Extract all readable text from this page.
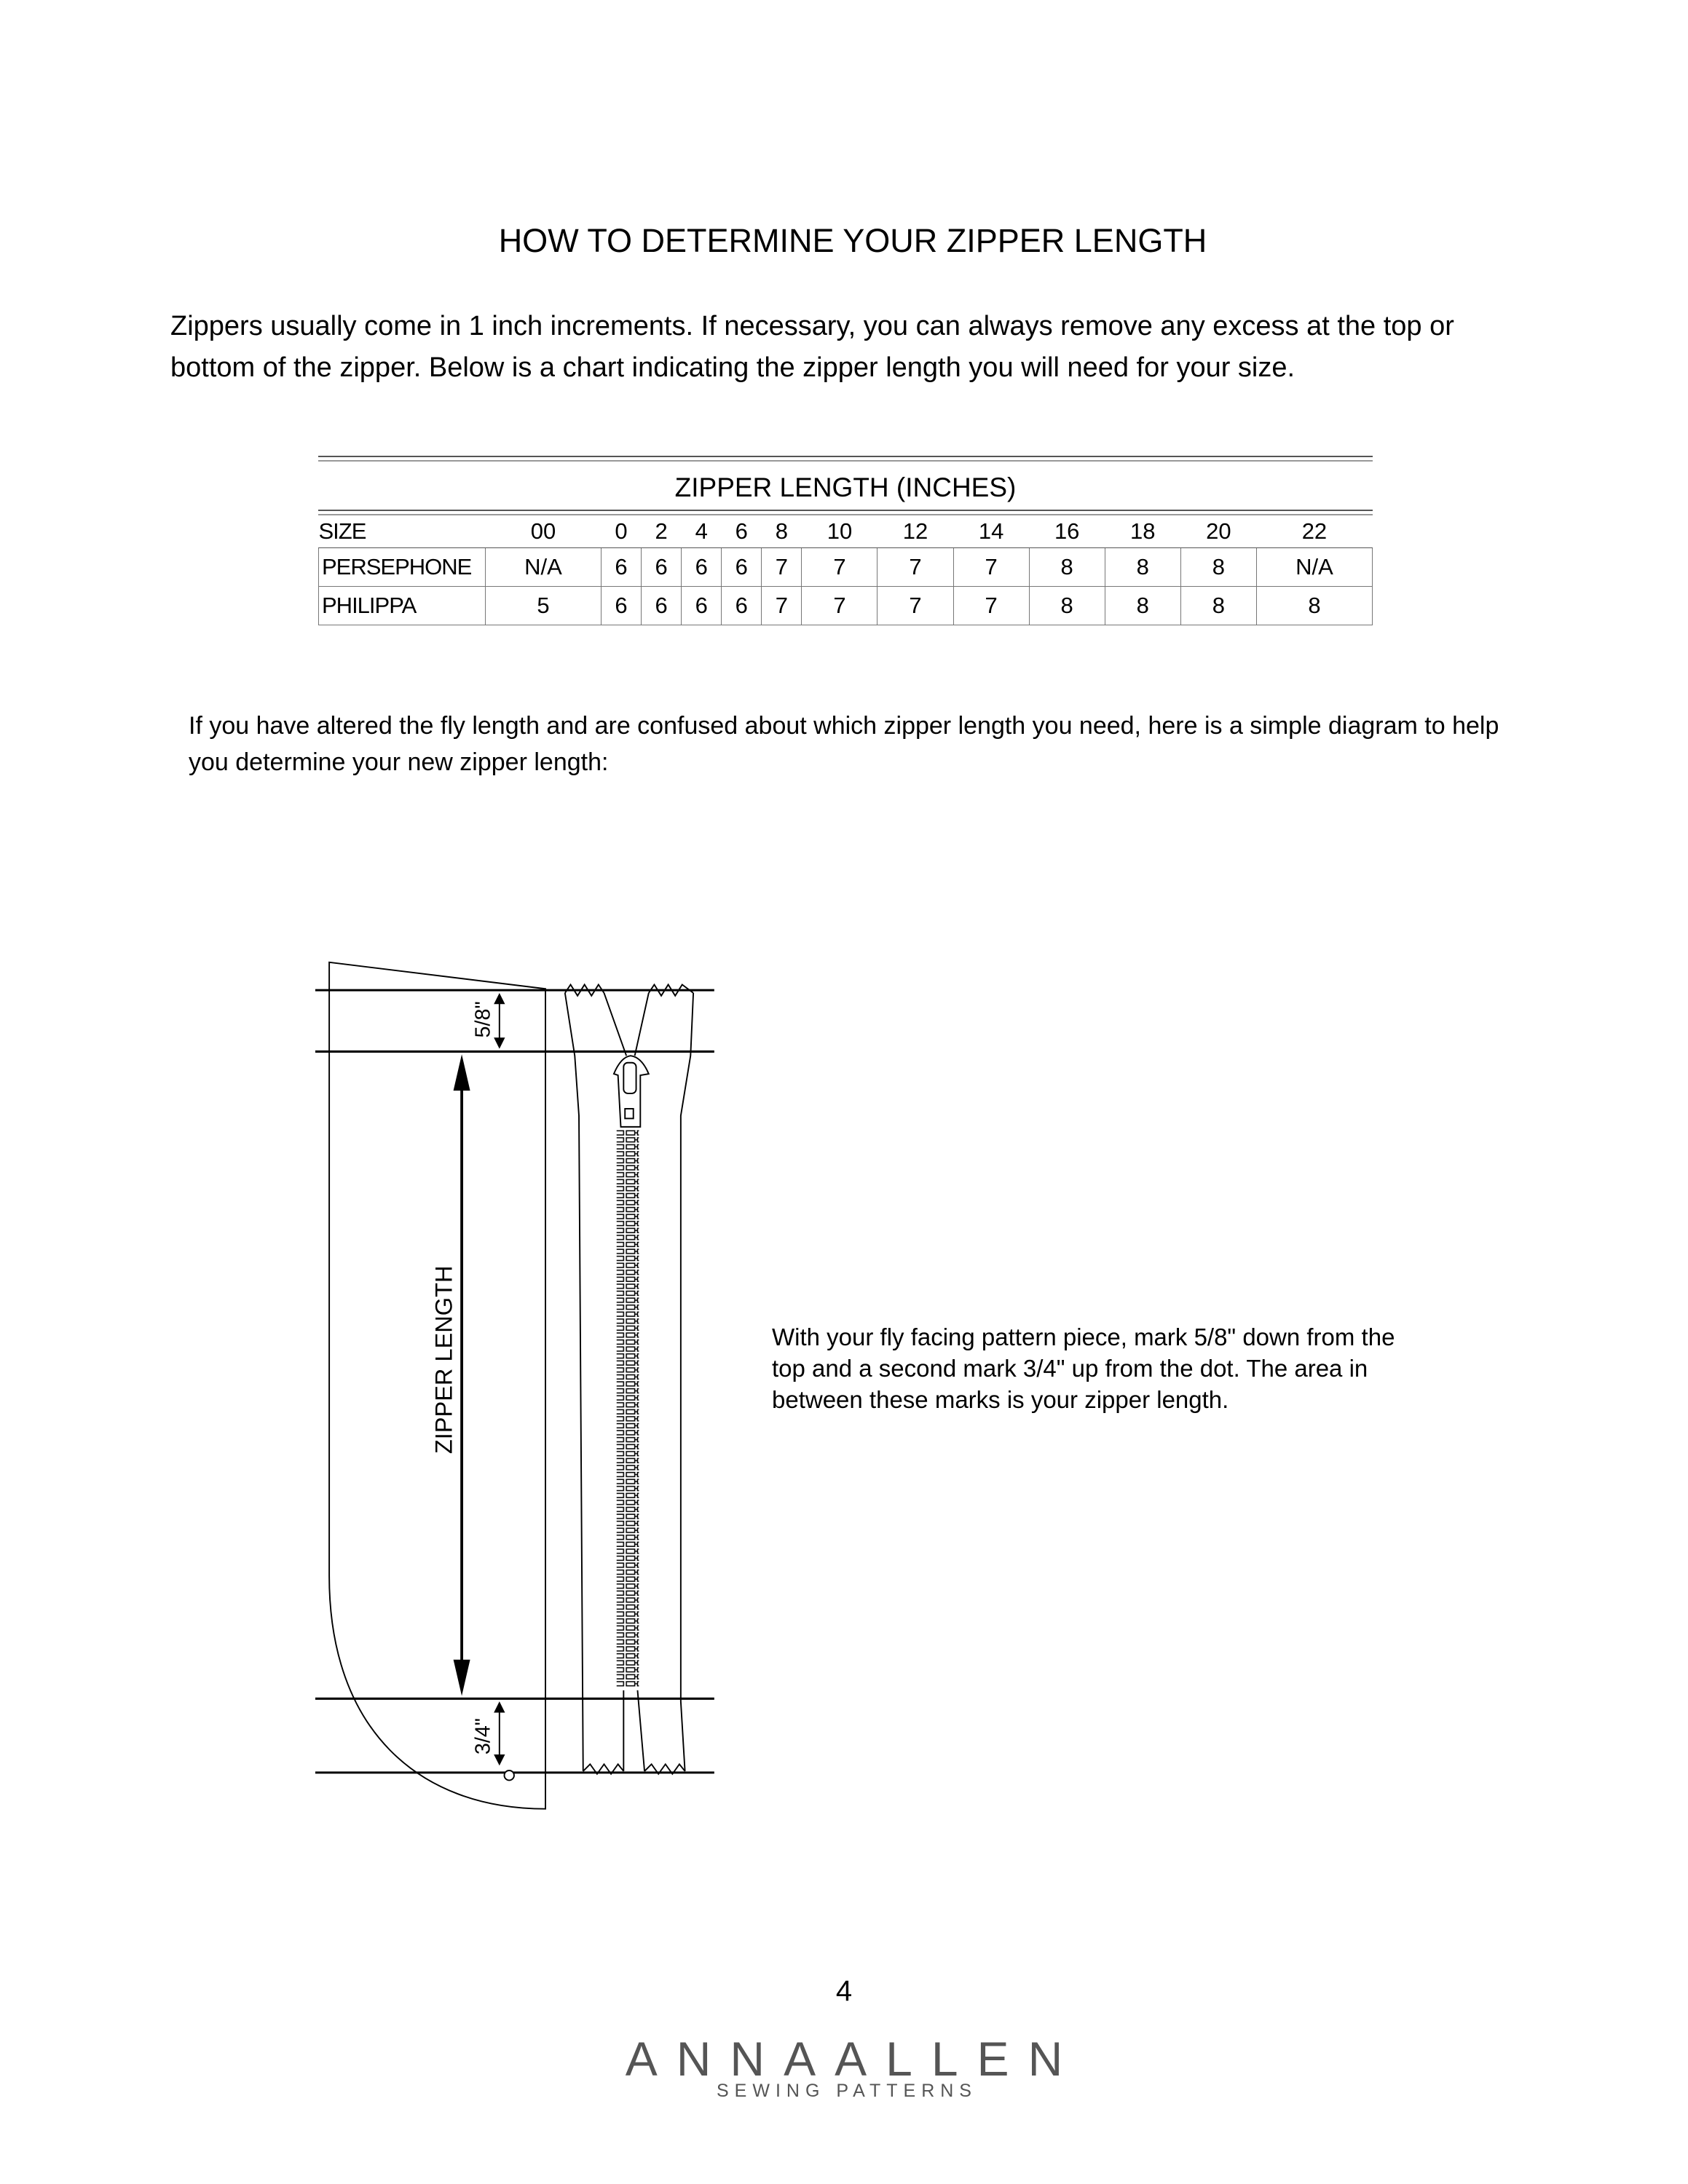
HOW TO DETERMINE YOUR ZIPPER LENGTH
Zippers usually come in 1 inch increments. If necessary, you can always remove any excess at the top or bottom of the zipper. Below is a chart indicating the zipper length you will need for your size.
ZIPPER LENGTH (INCHES)
SIZE	00	0	2	4	6	8	10	12	14	16	18	20	22
PERSEPHONE	N/A	6	6	6	6	7	7	7	7	8	8	8	N/A
PHILIPPA	5	6	6	6	6	7	7	7	7	8	8	8	8
If you have altered the fly length and are confused about which zipper length you need, here is a simple diagram to help you determine your new zipper length:
5/8"
ZIPPER LENGTH
3/4"
With your fly facing pattern piece, mark 5/8" down from the top and a second mark 3/4" up from the dot. The area in between these marks is your zipper length.
4
ANNAALLEN
SEWING PATTERNS
